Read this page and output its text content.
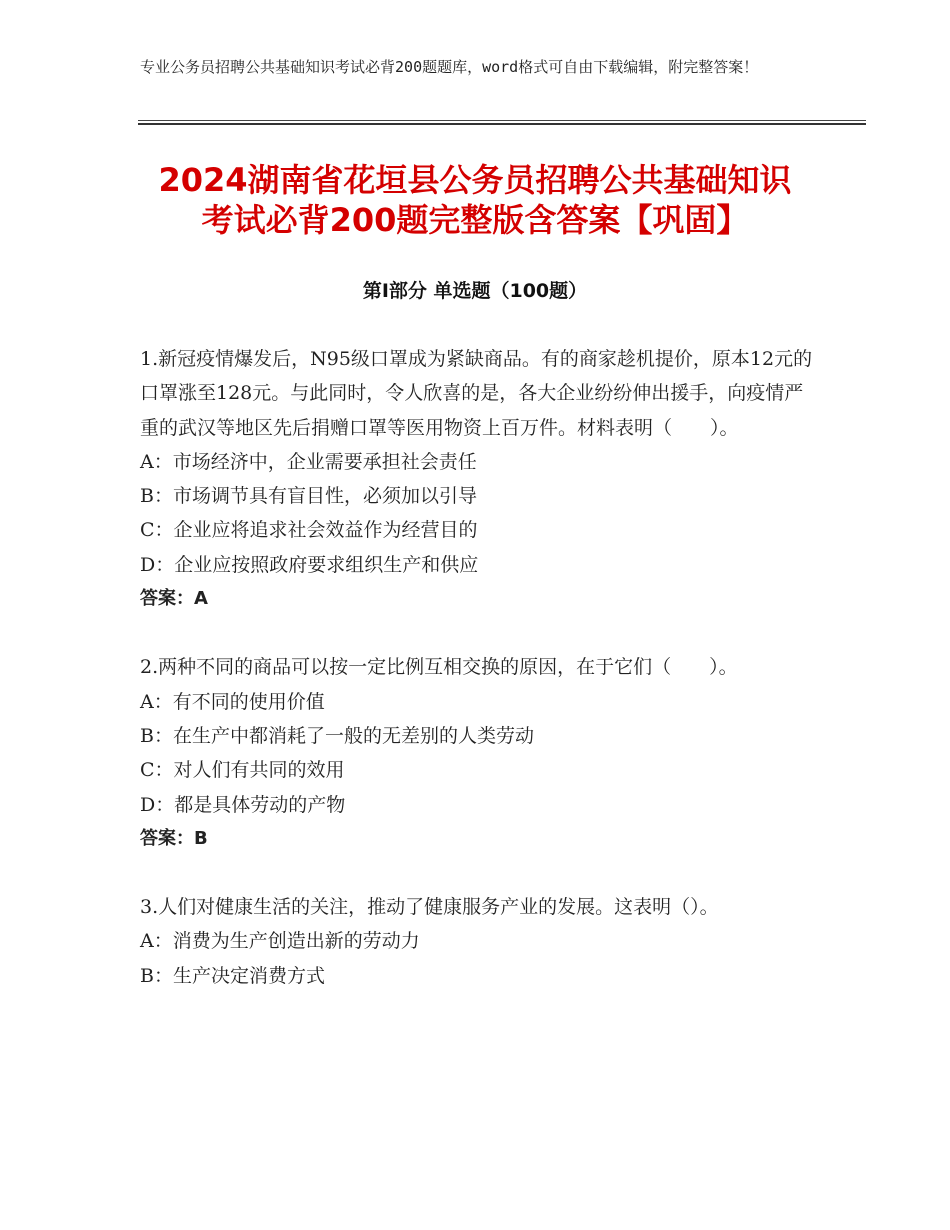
专业公务员招聘公共基础知识考试必背200题题库，word格式可自由下载编辑，附完整答案！
2024湖南省花垣县公务员招聘公共基础知识
考试必背200题完整版含答案【巩固】
第Ⅰ部分 单选题（100题）

1.新冠疫情爆发后，N95级口罩成为紧缺商品。有的商家趁机提价，原本12元的口罩涨至128元。与此同时，令人欣喜的是，各大企业纷纷伸出援手，向疫情严重的武汉等地区先后捐赠口罩等医用物资上百万件。材料表明（　　）。

A：市场经济中，企业需要承担社会责任

B：市场调节具有盲目性，必须加以引导

C：企业应将追求社会效益作为经营目的

D：企业应按照政府要求组织生产和供应

答案：A

2.两种不同的商品可以按一定比例互相交换的原因，在于它们（　　）。

A：有不同的使用价值

B：在生产中都消耗了一般的无差别的人类劳动

C：对人们有共同的效用

D：都是具体劳动的产物

答案：B

3.人们对健康生活的关注，推动了健康服务产业的发展。这表明（）。

A：消费为生产创造出新的劳动力

B：生产决定消费方式
